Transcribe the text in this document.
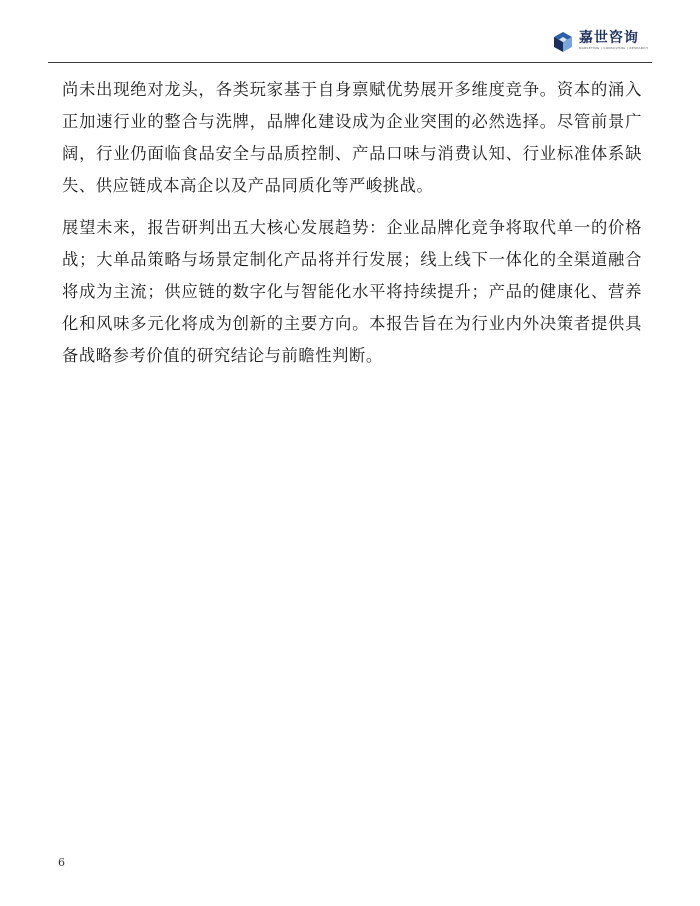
嘉世咨询
MARKETING | CONSULTING | RESEARCH

尚未出现绝对龙头，各类玩家基于自身禀赋优势展开多维度竞争。资本的涌入正加速行业的整合与洗牌，品牌化建设成为企业突围的必然选择。尽管前景广阔，行业仍面临食品安全与品质控制、产品口味与消费认知、行业标准体系缺失、供应链成本高企以及产品同质化等严峻挑战。

展望未来，报告研判出五大核心发展趋势：企业品牌化竞争将取代单一的价格战；大单品策略与场景定制化产品将并行发展；线上线下一体化的全渠道融合将成为主流；供应链的数字化与智能化水平将持续提升；产品的健康化、营养化和风味多元化将成为创新的主要方向。本报告旨在为行业内外决策者提供具备战略参考价值的研究结论与前瞻性判断。

6
